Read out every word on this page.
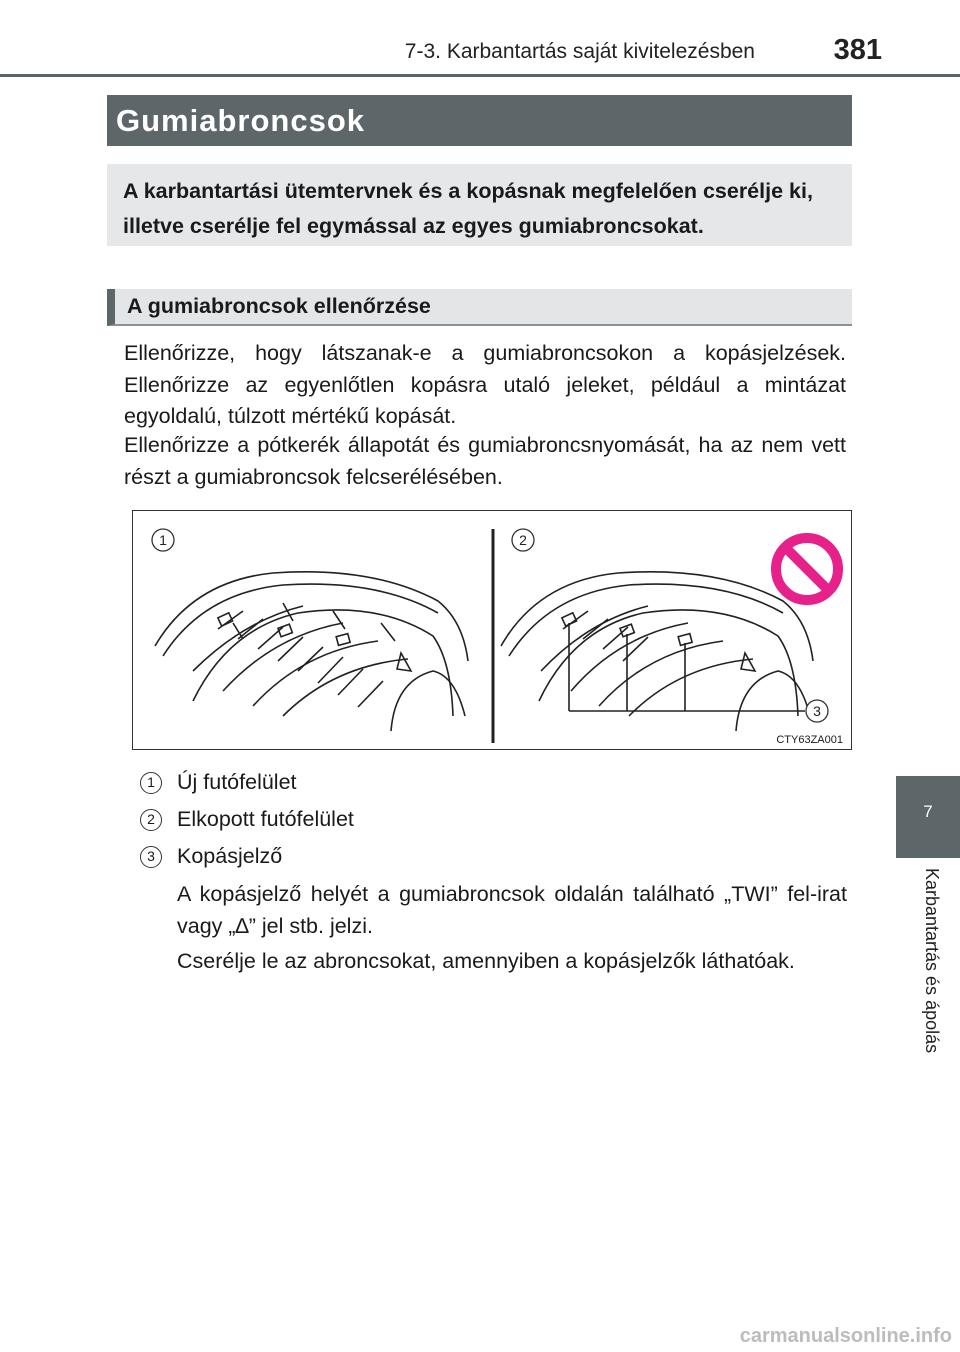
7-3. Karbantartás saját kivitelezésben	381
Gumiabroncsok
A karbantartási ütemtervnek és a kopásnak megfelelően cserélje ki, illetve cserélje fel egymással az egyes gumiabroncsokat.
A gumiabroncsok ellenőrzése
Ellenőrizze, hogy látszanak-e a gumiabroncsokon a kopásjelzések. Ellenőrizze az egyenlőtlen kopásra utaló jeleket, például a mintázat egyoldalú, túlzott mértékű kopását.
Ellenőrizze a pótkerék állapotát és gumiabroncsnyomását, ha az nem vett részt a gumiabroncsok felcserélésében.
1	2
3
CTY63ZA001
1	Új futófelület
2	Elkopott futófelület
3	Kopásjelző
A kopásjelző helyét a gumiabroncsok oldalán található „TWI” fel-irat vagy „∆” jel stb. jelzi.
Cserélje le az abroncsokat, amennyiben a kopásjelzők láthatóak.
7
Karbantartás és ápolás
carmanualsonline.info
